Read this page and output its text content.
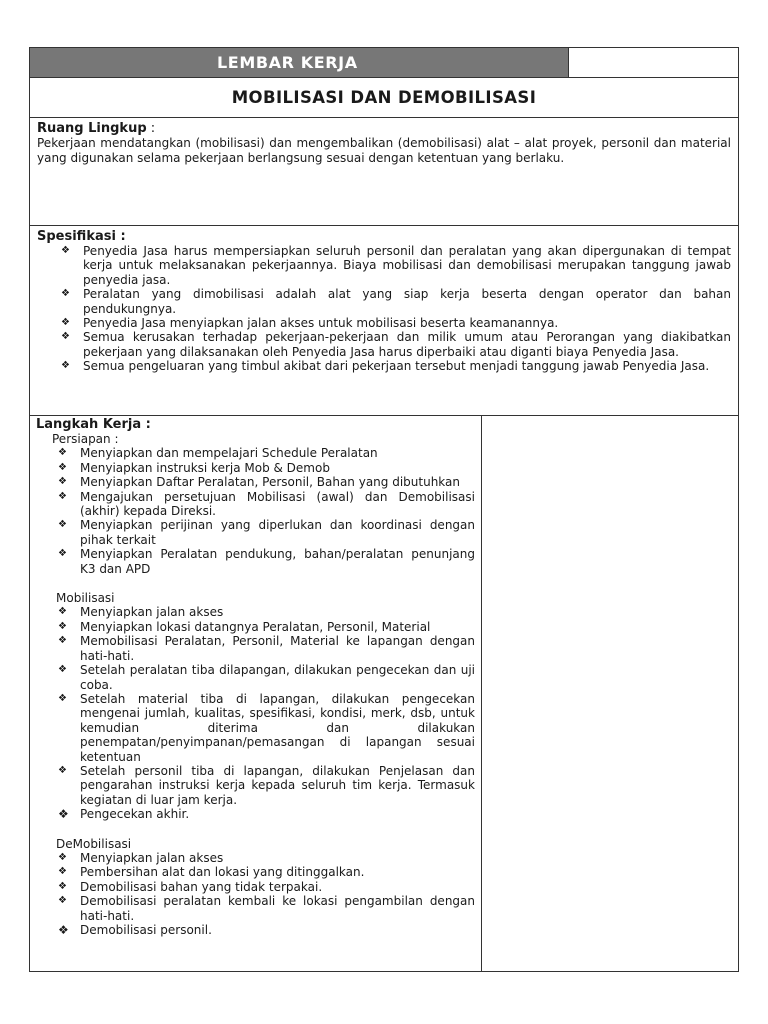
LEMBAR KERJA
MOBILISASI DAN DEMOBILISASI
Ruang Lingkup :
Pekerjaan mendatangkan (mobilisasi) dan mengembalikan (demobilisasi) alat – alat proyek, personil dan material yang digunakan selama pekerjaan berlangsung sesuai dengan ketentuan yang berlaku.
Spesifikasi :
❖ Penyedia Jasa harus mempersiapkan seluruh personil dan peralatan yang akan dipergunakan di tempat kerja untuk melaksanakan pekerjaannya. Biaya mobilisasi dan demobilisasi merupakan tanggung jawab penyedia jasa.
❖ Peralatan yang dimobilisasi adalah alat yang siap kerja beserta dengan operator dan bahan pendukungnya.
❖ Penyedia Jasa menyiapkan jalan akses untuk mobilisasi beserta keamanannya.
❖ Semua kerusakan terhadap pekerjaan-pekerjaan dan milik umum atau Perorangan yang diakibatkan pekerjaan yang dilaksanakan oleh Penyedia Jasa harus diperbaiki atau diganti biaya Penyedia Jasa.
❖ Semua pengeluaran yang timbul akibat dari pekerjaan tersebut menjadi tanggung jawab Penyedia Jasa.
Langkah Kerja :
Persiapan :
❖ Menyiapkan dan mempelajari Schedule Peralatan
❖ Menyiapkan instruksi kerja Mob & Demob
❖ Menyiapkan Daftar Peralatan, Personil, Bahan yang dibutuhkan
❖ Mengajukan persetujuan Mobilisasi (awal) dan Demobilisasi (akhir) kepada Direksi.
❖ Menyiapkan perijinan yang diperlukan dan koordinasi dengan pihak terkait
❖ Menyiapkan Peralatan pendukung, bahan/peralatan penunjang K3 dan APD
Mobilisasi
❖ Menyiapkan jalan akses
❖ Menyiapkan lokasi datangnya Peralatan, Personil, Material
❖ Memobilisasi Peralatan, Personil, Material ke lapangan dengan hati-hati.
❖ Setelah peralatan tiba dilapangan, dilakukan pengecekan dan uji coba.
❖ Setelah material tiba di lapangan, dilakukan pengecekan mengenai jumlah, kualitas, spesifikasi, kondisi, merk, dsb, untuk kemudian diterima dan dilakukan penempatan/penyimpanan/pemasangan di lapangan sesuai ketentuan
❖ Setelah personil tiba di lapangan, dilakukan Penjelasan dan pengarahan instruksi kerja kepada seluruh tim kerja. Termasuk kegiatan di luar jam kerja.
❖ Pengecekan akhir.
DeMobilisasi
❖ Menyiapkan jalan akses
❖ Pembersihan alat dan lokasi yang ditinggalkan.
❖ Demobilisasi bahan yang tidak terpakai.
❖ Demobilisasi peralatan kembali ke lokasi pengambilan dengan hati-hati.
❖ Demobilisasi personil.
